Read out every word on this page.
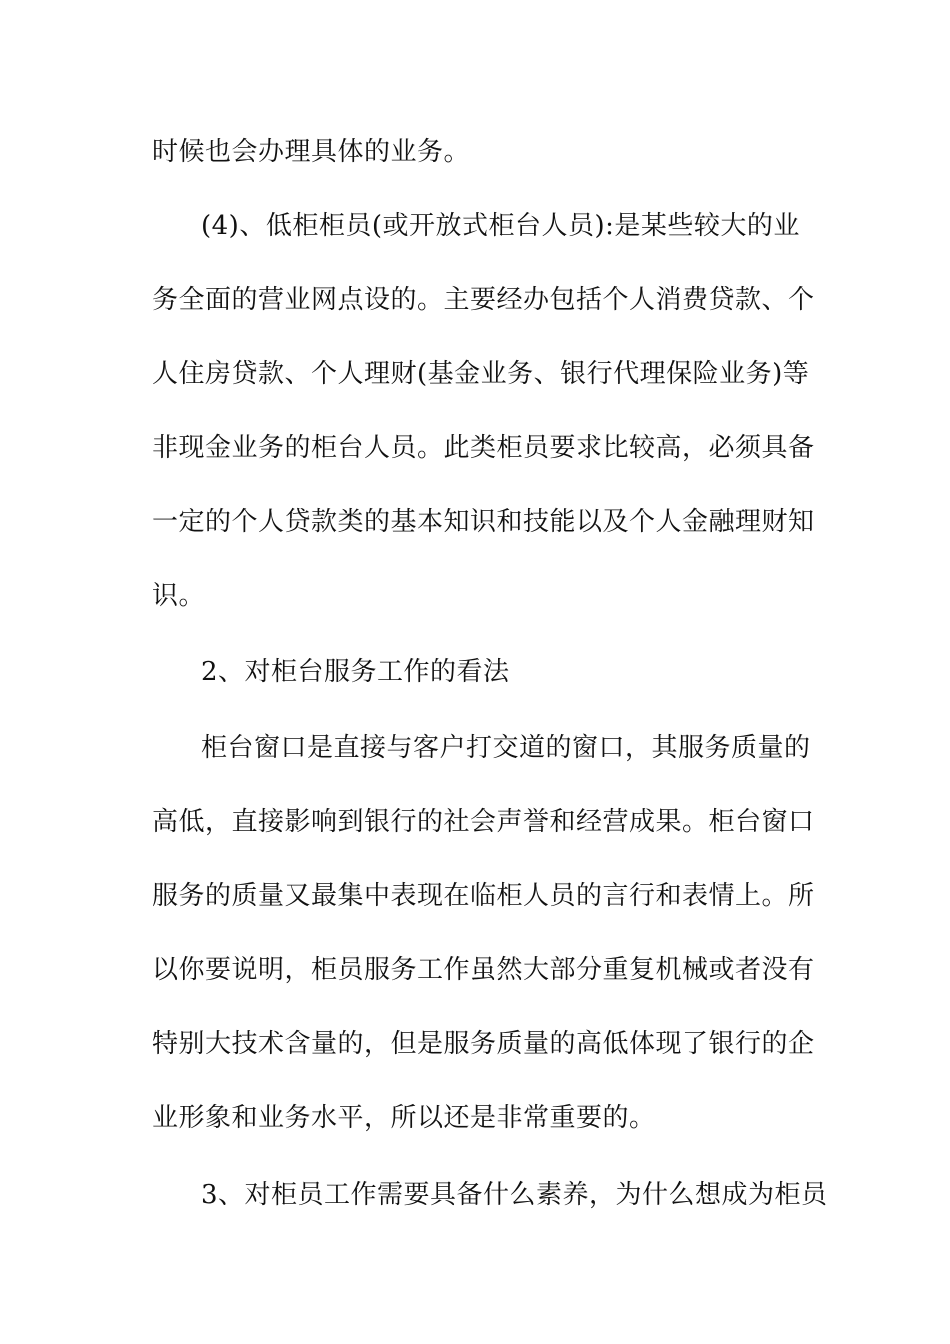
时候也会办理具体的业务。
(4)、低柜柜员(或开放式柜台人员):是某些较大的业
务全面的营业网点设的。主要经办包括个人消费贷款、个
人住房贷款、个人理财(基金业务、银行代理保险业务)等
非现金业务的柜台人员。此类柜员要求比较高，必须具备
一定的个人贷款类的基本知识和技能以及个人金融理财知
识。
2、对柜台服务工作的看法
柜台窗口是直接与客户打交道的窗口，其服务质量的
高低，直接影响到银行的社会声誉和经营成果。柜台窗口
服务的质量又最集中表现在临柜人员的言行和表情上。所
以你要说明，柜员服务工作虽然大部分重复机械或者没有
特别大技术含量的，但是服务质量的高低体现了银行的企
业形象和业务水平，所以还是非常重要的。
3、对柜员工作需要具备什么素养，为什么想成为柜员
